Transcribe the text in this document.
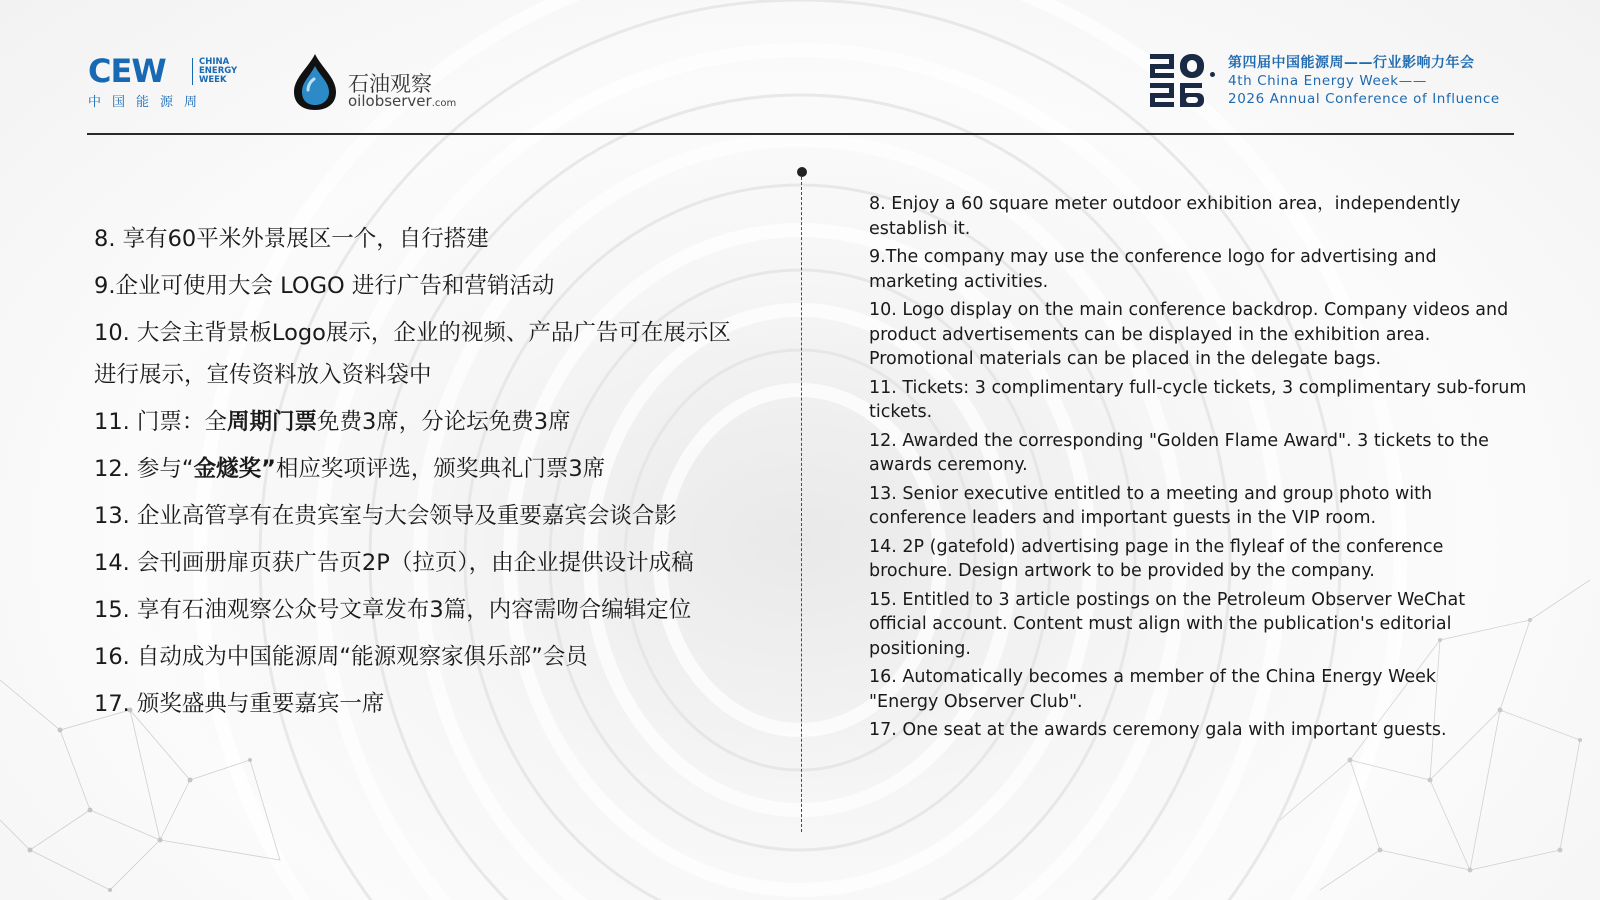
CEW	CHINA
ENERGY
WEEK
中国能源周
石油观察
oilobserver.com
第四届中国能源周——行业影响力年会
4th China Energy Week——
2026 Annual Conference of Influence
8. 享有60平米外景展区一个，自行搭建
9.企业可使用大会 LOGO 进行广告和营销活动
10. 大会主背景板Logo展示，企业的视频、产品广告可在展示区进行展示，宣传资料放入资料袋中
11. 门票：全周期门票免费3席，分论坛免费3席
12. 参与“金燧奖”相应奖项评选，颁奖典礼门票3席
13. 企业高管享有在贵宾室与大会领导及重要嘉宾会谈合影
14. 会刊画册扉页获广告页2P（拉页），由企业提供设计成稿
15. 享有石油观察公众号文章发布3篇，内容需吻合编辑定位
16. 自动成为中国能源周“能源观察家俱乐部”会员
17. 颁奖盛典与重要嘉宾一席
8. Enjoy a 60 square meter outdoor exhibition area，independently establish it.
9.The company may use the conference logo for advertising and marketing activities.
10. Logo display on the main conference backdrop. Company videos and product advertisements can be displayed in the exhibition area. Promotional materials can be placed in the delegate bags.
11. Tickets: 3 complimentary full-cycle tickets, 3 complimentary sub-forum tickets.
12. Awarded the corresponding "Golden Flame Award". 3 tickets to the awards ceremony.
13. Senior executive entitled to a meeting and group photo with conference leaders and important guests in the VIP room.
14. 2P (gatefold) advertising page in the flyleaf of the conference brochure. Design artwork to be provided by the company.
15. Entitled to 3 article postings on the Petroleum Observer WeChat official account. Content must align with the publication's editorial positioning.
16. Automatically becomes a member of the China Energy Week "Energy Observer Club".
17. One seat at the awards ceremony gala with important guests.
